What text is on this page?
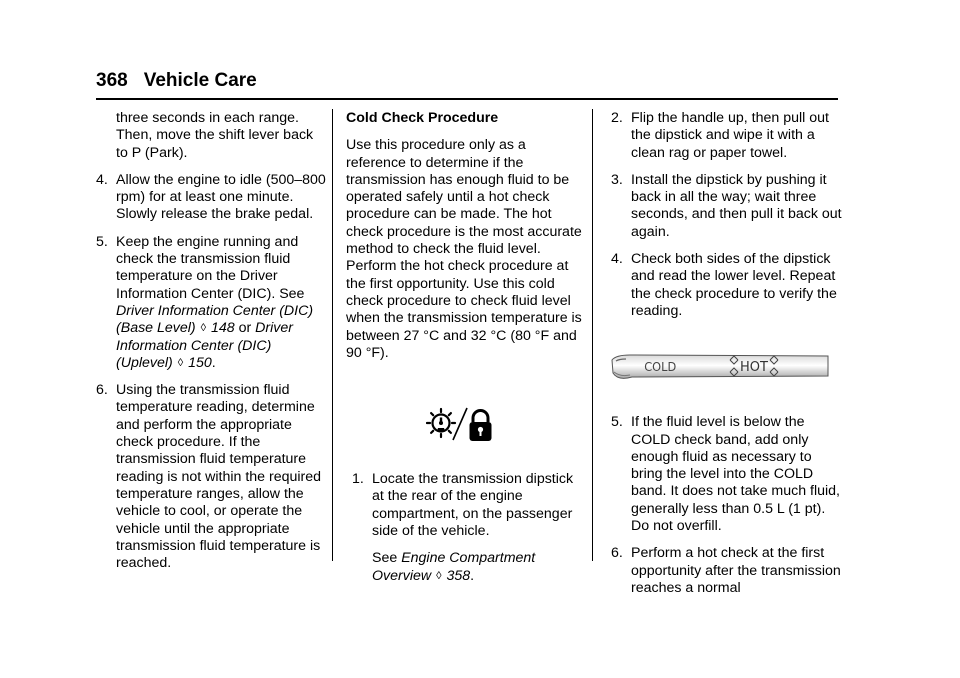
368 Vehicle Care
three seconds in each range. Then, move the shift lever back to P (Park).
4. Allow the engine to idle (500–800 rpm) for at least one minute. Slowly release the brake pedal.
5. Keep the engine running and check the transmission fluid temperature on the Driver Information Center (DIC). See Driver Information Center (DIC) (Base Level) ◊ 148 or Driver Information Center (DIC) (Uplevel) ◊ 150.
6. Using the transmission fluid temperature reading, determine and perform the appropriate check procedure. If the transmission fluid temperature reading is not within the required temperature ranges, allow the vehicle to cool, or operate the vehicle until the appropriate transmission fluid temperature is reached.

Cold Check Procedure

Use this procedure only as a reference to determine if the transmission has enough fluid to be operated safely until a hot check procedure can be made. The hot check procedure is the most accurate method to check the fluid level. Perform the hot check procedure at the first opportunity. Use this cold check procedure to check fluid level when the transmission temperature is between 27 °C and 32 °C (80 °F and 90 °F).

1. Locate the transmission dipstick at the rear of the engine compartment, on the passenger side of the vehicle.
See Engine Compartment Overview ◊ 358.
2. Flip the handle up, then pull out the dipstick and wipe it with a clean rag or paper towel.
3. Install the dipstick by pushing it back in all the way; wait three seconds, and then pull it back out again.
4. Check both sides of the dipstick and read the lower level. Repeat the check procedure to verify the reading.
COLD	HOT
5. If the fluid level is below the COLD check band, add only enough fluid as necessary to bring the level into the COLD band. It does not take much fluid, generally less than 0.5 L (1 pt). Do not overfill.
6. Perform a hot check at the first opportunity after the transmission reaches a normal
